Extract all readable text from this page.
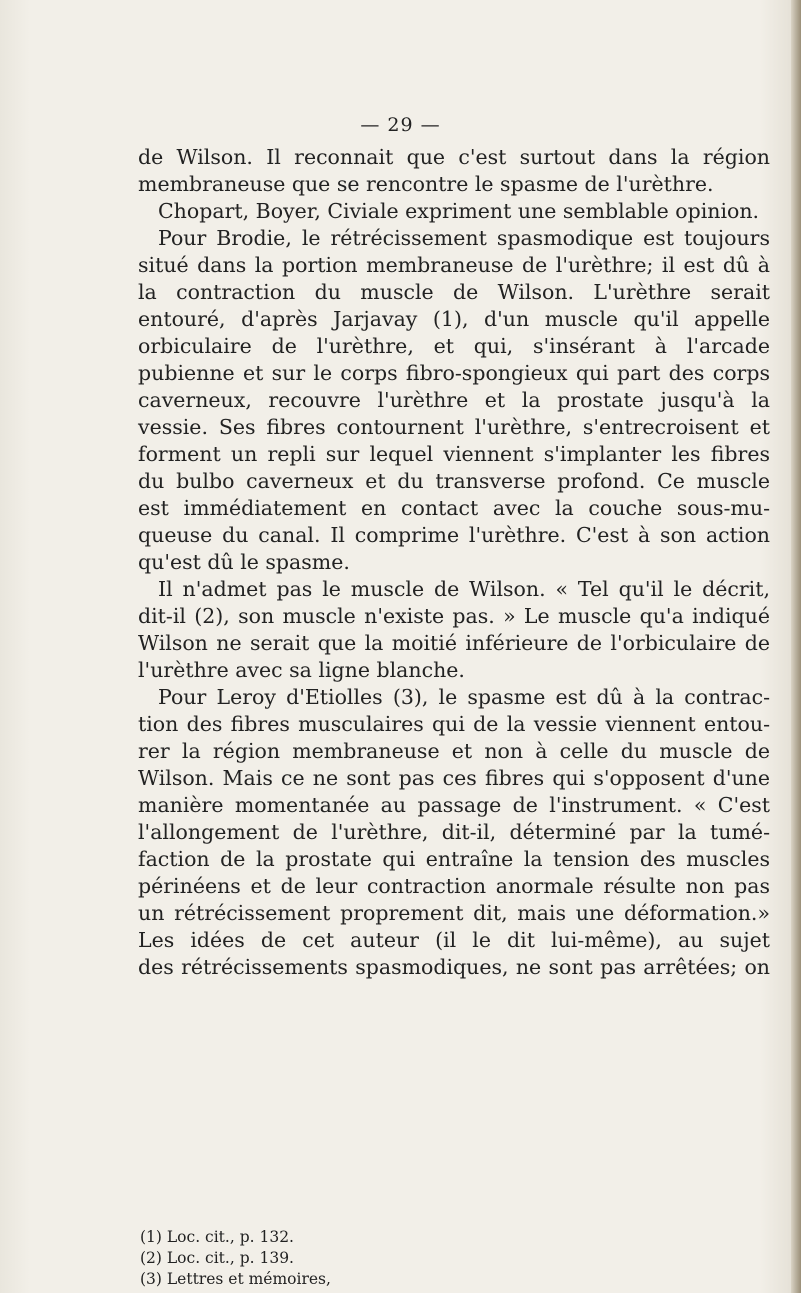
— 29 —
de Wilson. Il reconnait que c'est surtout dans la région
membraneuse que se rencontre le spasme de l'urèthre.
Chopart, Boyer, Civiale expriment une semblable opinion.
Pour Brodie, le rétrécissement spasmodique est toujours
situé dans la portion membraneuse de l'urèthre; il est dû à
la contraction du muscle de Wilson. L'urèthre serait
entouré, d'après Jarjavay (1), d'un muscle qu'il appelle
orbiculaire de l'urèthre, et qui, s'insérant à l'arcade
pubienne et sur le corps fibro-spongieux qui part des corps
caverneux, recouvre l'urèthre et la prostate jusqu'à la
vessie. Ses fibres contournent l'urèthre, s'entrecroisent et
forment un repli sur lequel viennent s'implanter les fibres
du bulbo caverneux et du transverse profond. Ce muscle
est immédiatement en contact avec la couche sous-mu-
queuse du canal. Il comprime l'urèthre. C'est à son action
qu'est dû le spasme.
Il n'admet pas le muscle de Wilson. « Tel qu'il le décrit,
dit-il (2), son muscle n'existe pas. » Le muscle qu'a indiqué
Wilson ne serait que la moitié inférieure de l'orbiculaire de
l'urèthre avec sa ligne blanche.
Pour Leroy d'Etiolles (3), le spasme est dû à la contrac-
tion des fibres musculaires qui de la vessie viennent entou-
rer la région membraneuse et non à celle du muscle de
Wilson. Mais ce ne sont pas ces fibres qui s'opposent d'une
manière momentanée au passage de l'instrument. « C'est
l'allongement de l'urèthre, dit-il, déterminé par la tumé-
faction de la prostate qui entraîne la tension des muscles
périnéens et de leur contraction anormale résulte non pas
un rétrécissement proprement dit, mais une déformation.»
Les idées de cet auteur (il le dit lui-même), au sujet
des rétrécissements spasmodiques, ne sont pas arrêtées; on
(1) Loc. cit., p. 132.
(2) Loc. cit., p. 139.
(3) Lettres et mémoires,
